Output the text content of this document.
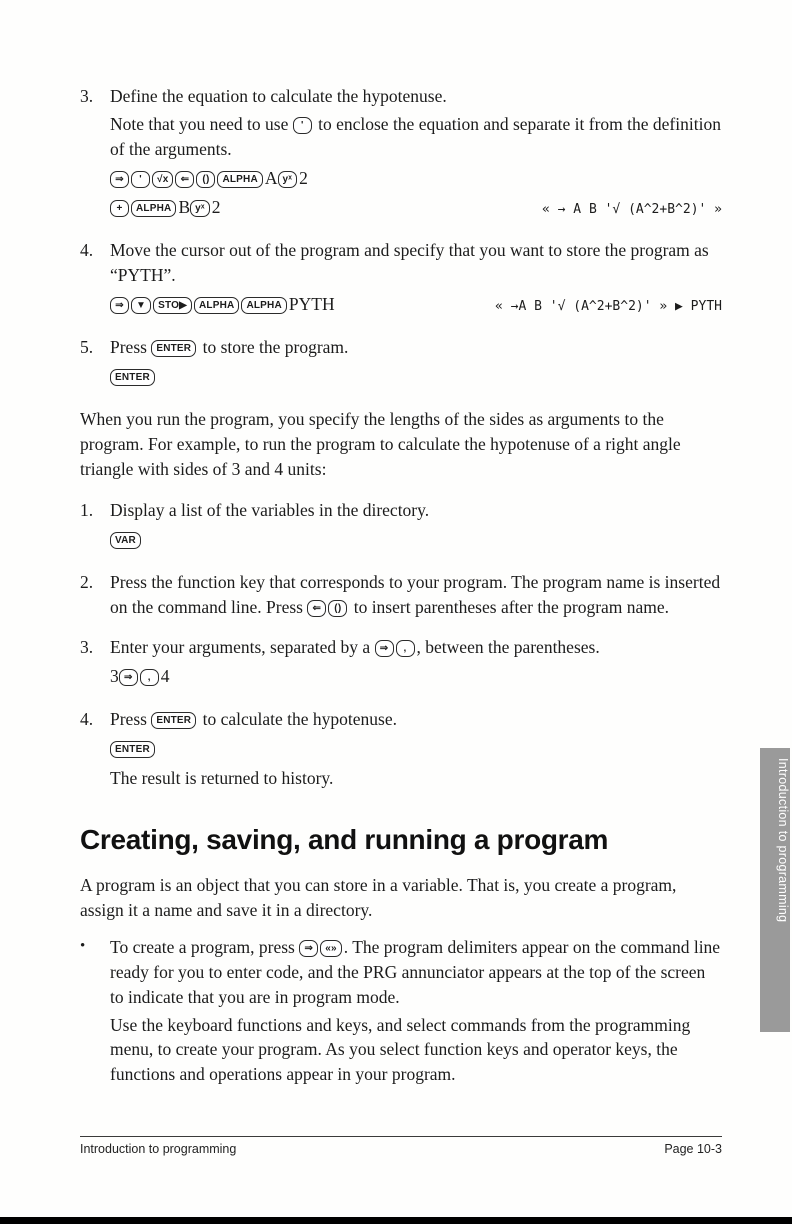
3. Define the equation to calculate the hypotenuse.

Note that you need to use ' to enclose the equation and separate it from the definition of the arguments.

⇒ ' √x ⇐ () ALPHA A yˣ 2
+ ALPHA B yˣ 2	« → A B '√ (A^2+B^2)' »
4. Move the cursor out of the program and specify that you want to store the program as “PYTH”.

⇒ ▼ STO▶ ALPHA ALPHA PYTH	« →A B '√ (A^2+B^2)' » ▶ PYTH
5. Press ENTER to store the program.

ENTER

When you run the program, you specify the lengths of the sides as arguments to the program. For example, to run the program to calculate the hypotenuse of a right angle triangle with sides of 3 and 4 units:

1. Display a list of the variables in the directory.

VAR
2. Press the function key that corresponds to your program. The program name is inserted on the command line. Press ⇐ () to insert parentheses after the program name.

3. Enter your arguments, separated by a ⇒ , , between the parentheses.

3 ⇒ , 4
4. Press ENTER to calculate the hypotenuse.

ENTER

The result is returned to history.

Creating, saving, and running a program

A program is an object that you can store in a variable. That is, you create a program, assign it a name and save it in a directory.

•	To create a program, press ⇒ «» . The program delimiters appear on the command line ready for you to enter code, and the PRG annunciator appears at the top of the screen to indicate that you are in program mode.

Use the keyboard functions and keys, and select commands from the programming menu, to create your program. As you select function keys and operator keys, the functions and operations appear in your program.

Introduction to programming
Introduction to programming	Page 10-3
